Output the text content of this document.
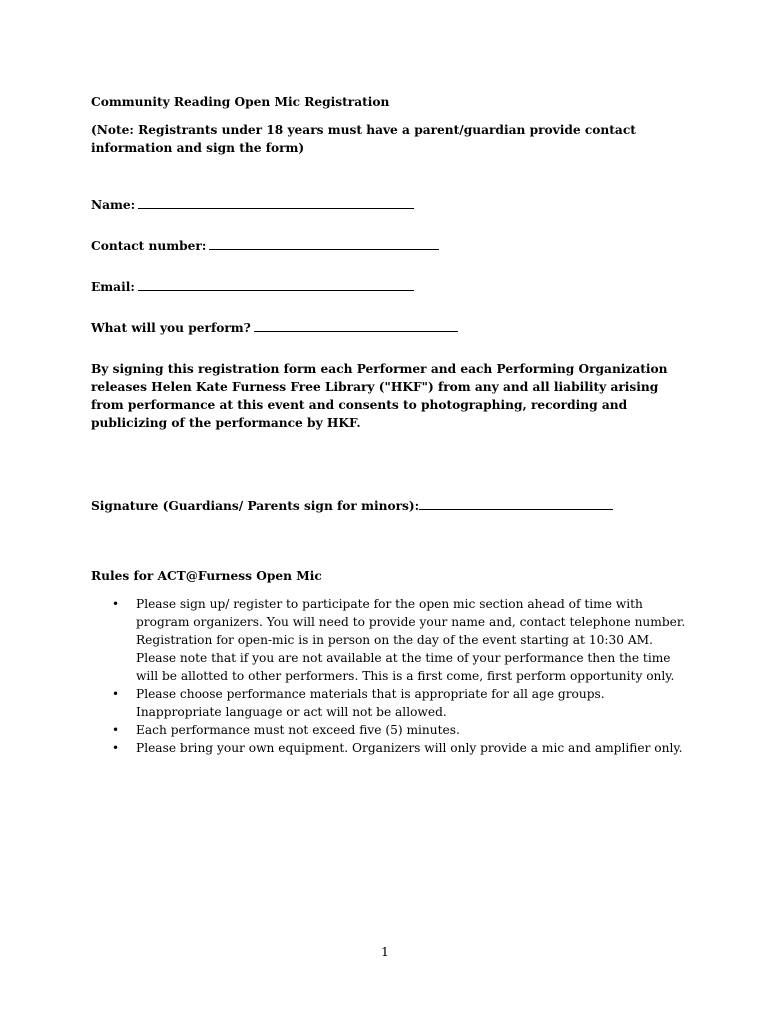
Community Reading Open Mic Registration
(Note: Registrants under 18 years must have a parent/guardian provide contact information and sign the form)
Name:
Contact number:
Email:
What will you perform?
By signing this registration form each Performer and each Performing Organization releases Helen Kate Furness Free Library ("HKF") from any and all liability arising from performance at this event and consents to photographing, recording and publicizing of the performance by HKF.
Signature (Guardians/ Parents sign for minors):
Rules for ACT@Furness Open Mic
• Please sign up/ register to participate for the open mic section ahead of time with program organizers. You will need to provide your name and, contact telephone number. Registration for open-mic is in person on the day of the event starting at 10:30 AM. Please note that if you are not available at the time of your performance then the time will be allotted to other performers. This is a first come, first perform opportunity only.
• Please choose performance materials that is appropriate for all age groups. Inappropriate language or act will not be allowed.
• Each performance must not exceed five (5) minutes.
• Please bring your own equipment. Organizers will only provide a mic and amplifier only.
1
